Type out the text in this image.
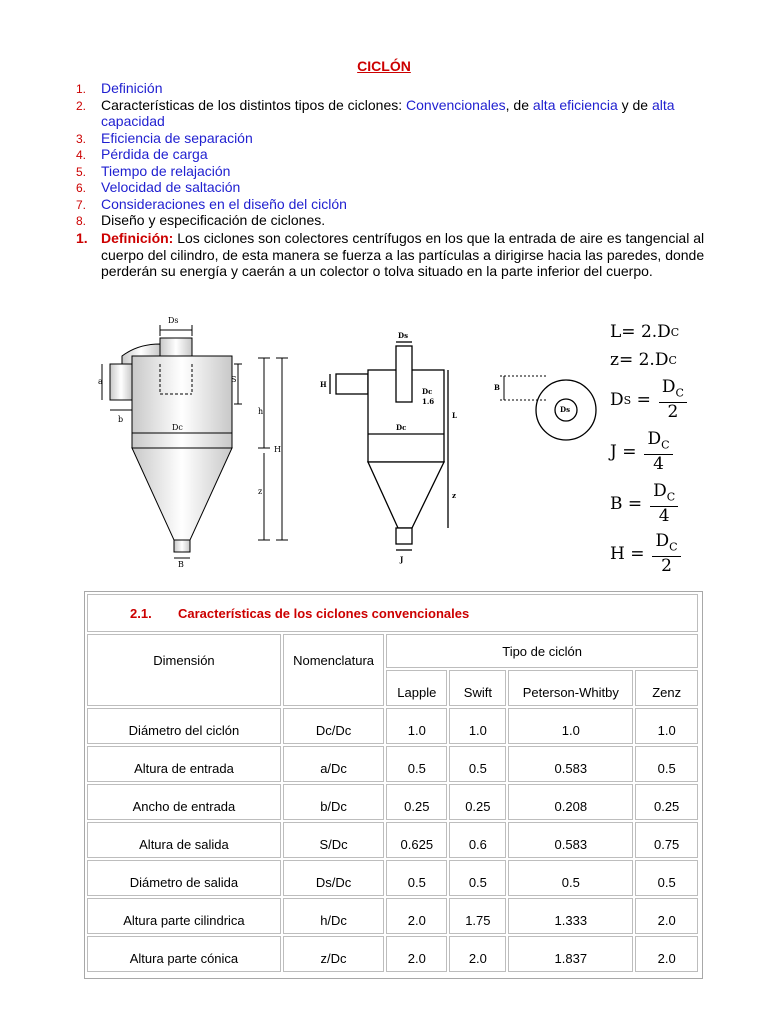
CICLÓN
1. Definición
2. Características de los distintos tipos de ciclones: Convencionales, de alta eficiencia y de alta capacidad
3. Eficiencia de separación
4. Pérdida de carga
5. Tiempo de relajación
6. Velocidad de saltación
7. Consideraciones en el diseño del ciclón
8. Diseño y especificación de ciclones.
1. Definición: Los ciclones son colectores centrífugos en los que la entrada de aire es tangencial al cuerpo del cilindro, de esta manera se fuerza a las partículas a dirigirse hacia las paredes, donde perderán su energía y caerán a un colector o tolva situado en la parte inferior del cuerpo.
Ds
S
a
b
Dc
h
H
z
B
Ds
H
Dc
1.6
L
Dc
z
J
B
Ds
L = 2.D C
z = 2.D C
D $S = \frac{D_C}{2}$
$J = \frac{D_C}{4}$
$B = \frac{D_C}{4}$
$H = \frac{D_C}{2}$
2.1. Características de los ciclones convencionales					
Dimensión	Nomenclatura	Tipo de ciclón			
		Lapple	Swift	Peterson-Whitby	Zenz
Diámetro del ciclón	Dc/Dc	1.0	1.0	1.0	1.0
Altura de entrada	a/Dc	0.5	0.5	0.583	0.5
Ancho de entrada	b/Dc	0.25	0.25	0.208	0.25
Altura de salida	S/Dc	0.625	0.6	0.583	0.75
Diámetro de salida	Ds/Dc	0.5	0.5	0.5	0.5
Altura parte cilindrica	h/Dc	2.0	1.75	1.333	2.0
Altura parte cónica	z/Dc	2.0	2.0	1.837	2.0
